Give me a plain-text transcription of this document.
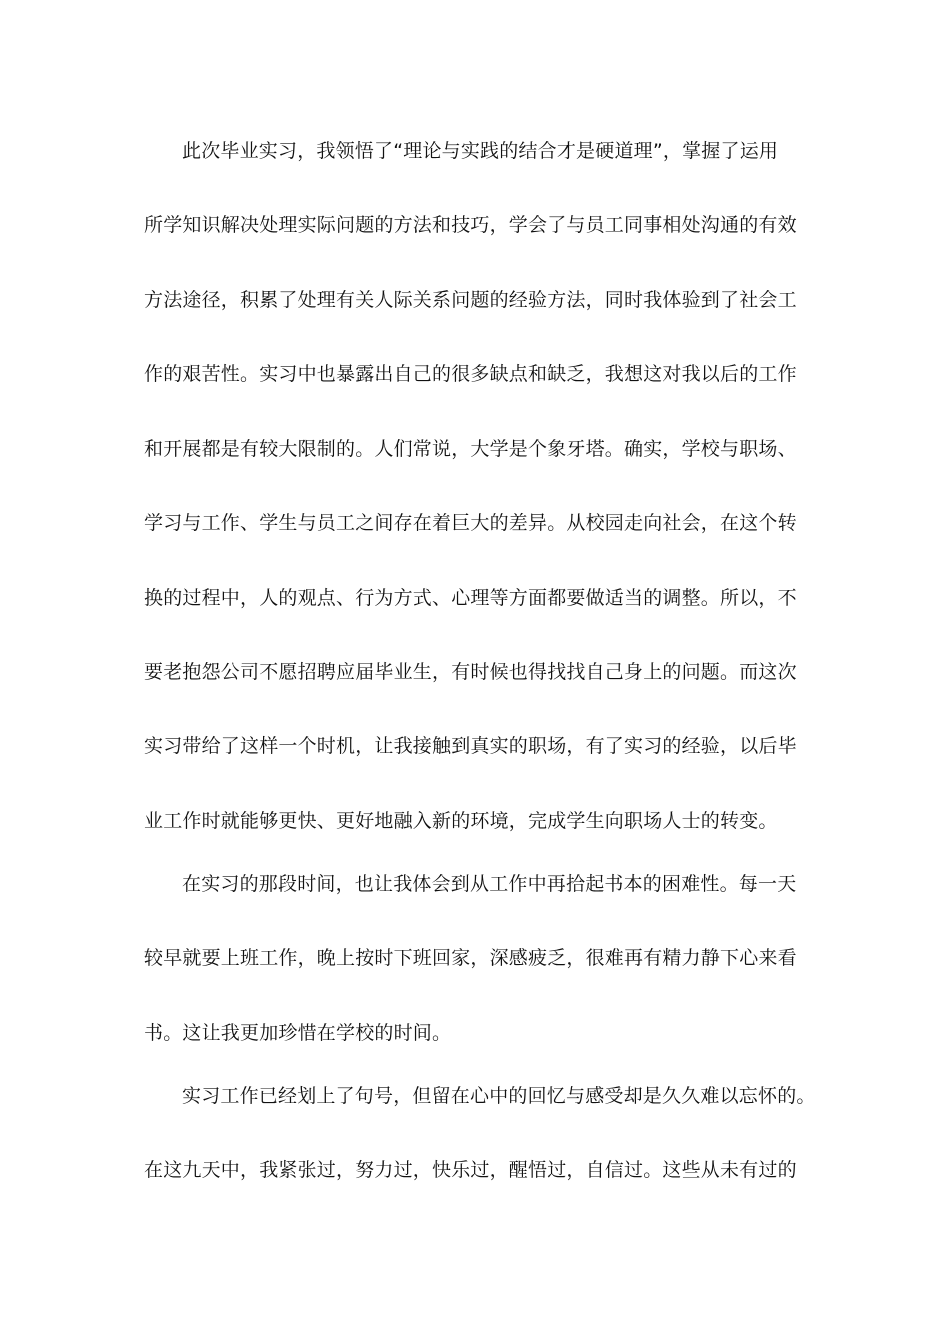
此次毕业实习，我领悟了“理论与实践的结合才是硬道理”，掌握了运用
所学知识解决处理实际问题的方法和技巧，学会了与员工同事相处沟通的有效
方法途径，积累了处理有关人际关系问题的经验方法，同时我体验到了社会工
作的艰苦性。实习中也暴露出自己的很多缺点和缺乏，我想这对我以后的工作
和开展都是有较大限制的。人们常说，大学是个象牙塔。确实，学校与职场、
学习与工作、学生与员工之间存在着巨大的差异。从校园走向社会，在这个转
换的过程中，人的观点、行为方式、心理等方面都要做适当的调整。所以，不
要老抱怨公司不愿招聘应届毕业生，有时候也得找找自己身上的问题。而这次
实习带给了这样一个时机，让我接触到真实的职场，有了实习的经验，以后毕
业工作时就能够更快、更好地融入新的环境，完成学生向职场人士的转变。
在实习的那段时间，也让我体会到从工作中再拾起书本的困难性。每一天
较早就要上班工作，晚上按时下班回家，深感疲乏，很难再有精力静下心来看
书。这让我更加珍惜在学校的时间。
实习工作已经划上了句号，但留在心中的回忆与感受却是久久难以忘怀的。
在这九天中，我紧张过，努力过，快乐过，醒悟过，自信过。这些从未有过的
